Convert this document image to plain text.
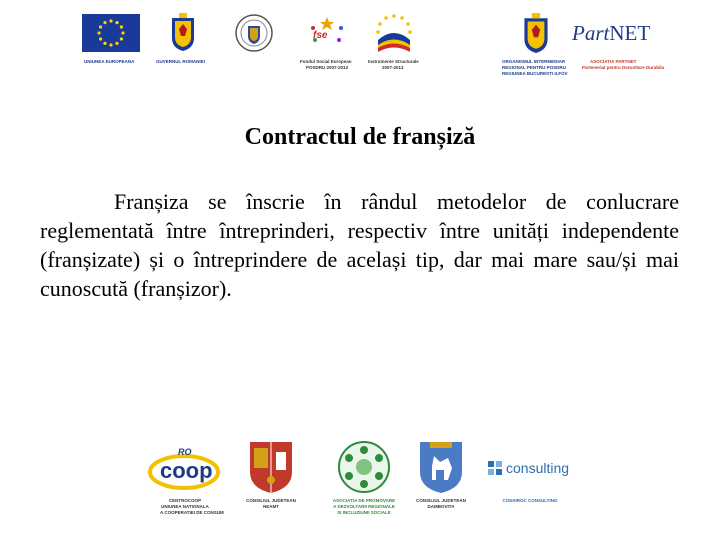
UNIUNEA EUROPEANA	GUVERNUL ROMANIEI
fse
Fondul Social European
POSDRU 2007-2013
Instrumente Structurale
2007-2013
ORGANISMUL INTERMEDIAR
REGIONAL PENTRU POSDRU
REGIUNEA BUCURESTI ILFOV
PartNET
ASOCIATIA PARTNET
Parteneriat pentru Dezvoltare Durabila
Contractul de franșiză
Franșiza se înscrie în rândul metodelor de conlucrare reglementată între întreprinderi, respectiv între unități independente (franșizate) și o întreprindere de același tip, dar mai mare sau/și mai cunoscută (franșizor).
RO
coop
CENTROCOOP
UNIUNEA NATIONALA
A COOPERATIEI DE CONSUM
CONSILIUL JUDETEAN
NEAMT
ASOCIATIA DE PROMOVARE
A DEZVOLTARII REGIONALE
SI INCLUZIUNII SOCIALE
CONSILIUL JUDETEAN
DAMBOVITA
consulting
CONSIROC CONSULTING
